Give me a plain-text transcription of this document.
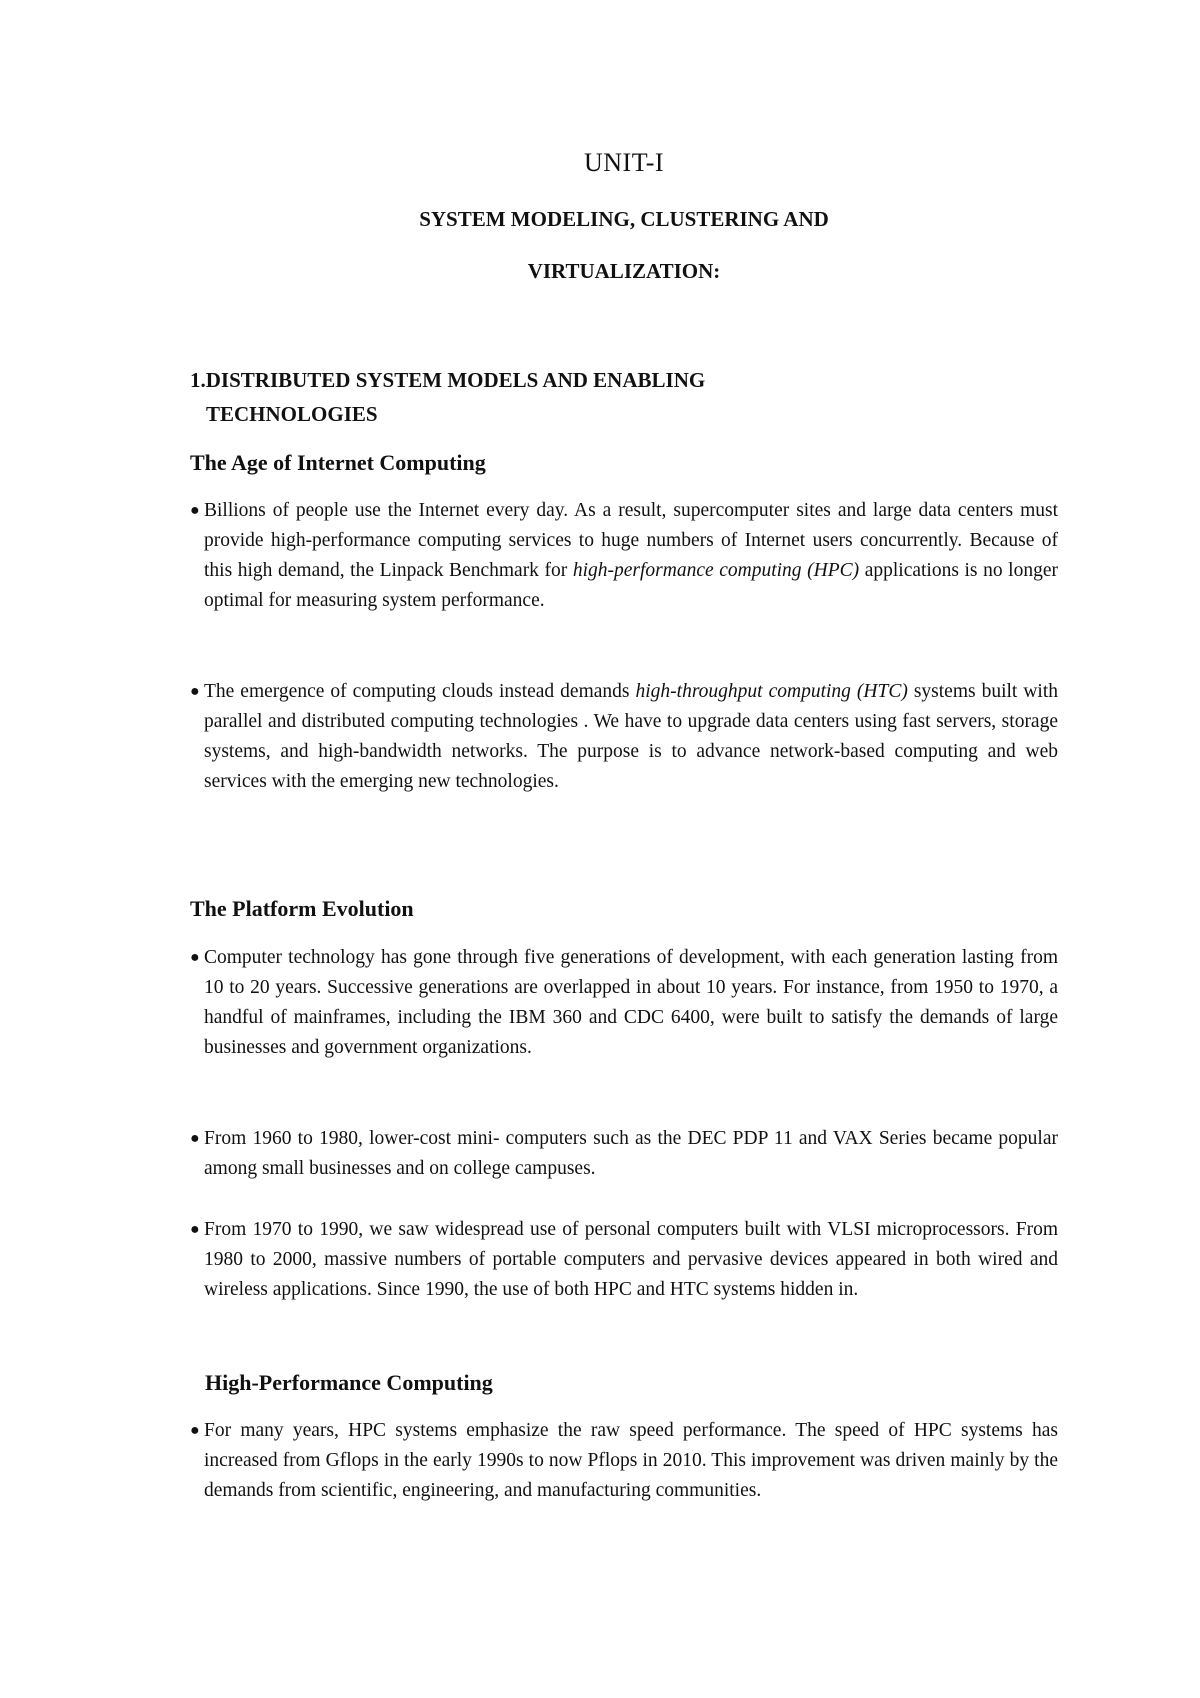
UNIT-I
SYSTEM MODELING, CLUSTERING AND
VIRTUALIZATION:
1.DISTRIBUTED SYSTEM MODELS AND ENABLING
TECHNOLOGIES
The Age of Internet Computing
● Billions of people use the Internet every day. As a result, supercomputer sites and large data centers must provide high-performance computing services to huge numbers of Internet users concurrently. Because of this high demand, the Linpack Benchmark for high-performance computing (HPC) applications is no longer optimal for measuring system performance.
● The emergence of computing clouds instead demands high-throughput computing (HTC) systems built with parallel and distributed computing technologies . We have to upgrade data centers using fast servers, storage systems, and high-bandwidth networks. The purpose is to advance network-based computing and web services with the emerging new technologies.
The Platform Evolution
● Computer technology has gone through five generations of development, with each generation lasting from 10 to 20 years. Successive generations are overlapped in about 10 years. For instance, from 1950 to 1970, a handful of mainframes, including the IBM 360 and CDC 6400, were built to satisfy the demands of large businesses and government organizations.
● From 1960 to 1980, lower-cost mini- computers such as the DEC PDP 11 and VAX Series became popular among small businesses and on college campuses.
● From 1970 to 1990, we saw widespread use of personal computers built with VLSI microprocessors. From 1980 to 2000, massive numbers of portable computers and pervasive devices appeared in both wired and wireless applications. Since 1990, the use of both HPC and HTC systems hidden in.
High-Performance Computing
● For many years, HPC systems emphasize the raw speed performance. The speed of HPC systems has increased from Gflops in the early 1990s to now Pflops in 2010. This improvement was driven mainly by the demands from scientific, engineering, and manufacturing communities.
